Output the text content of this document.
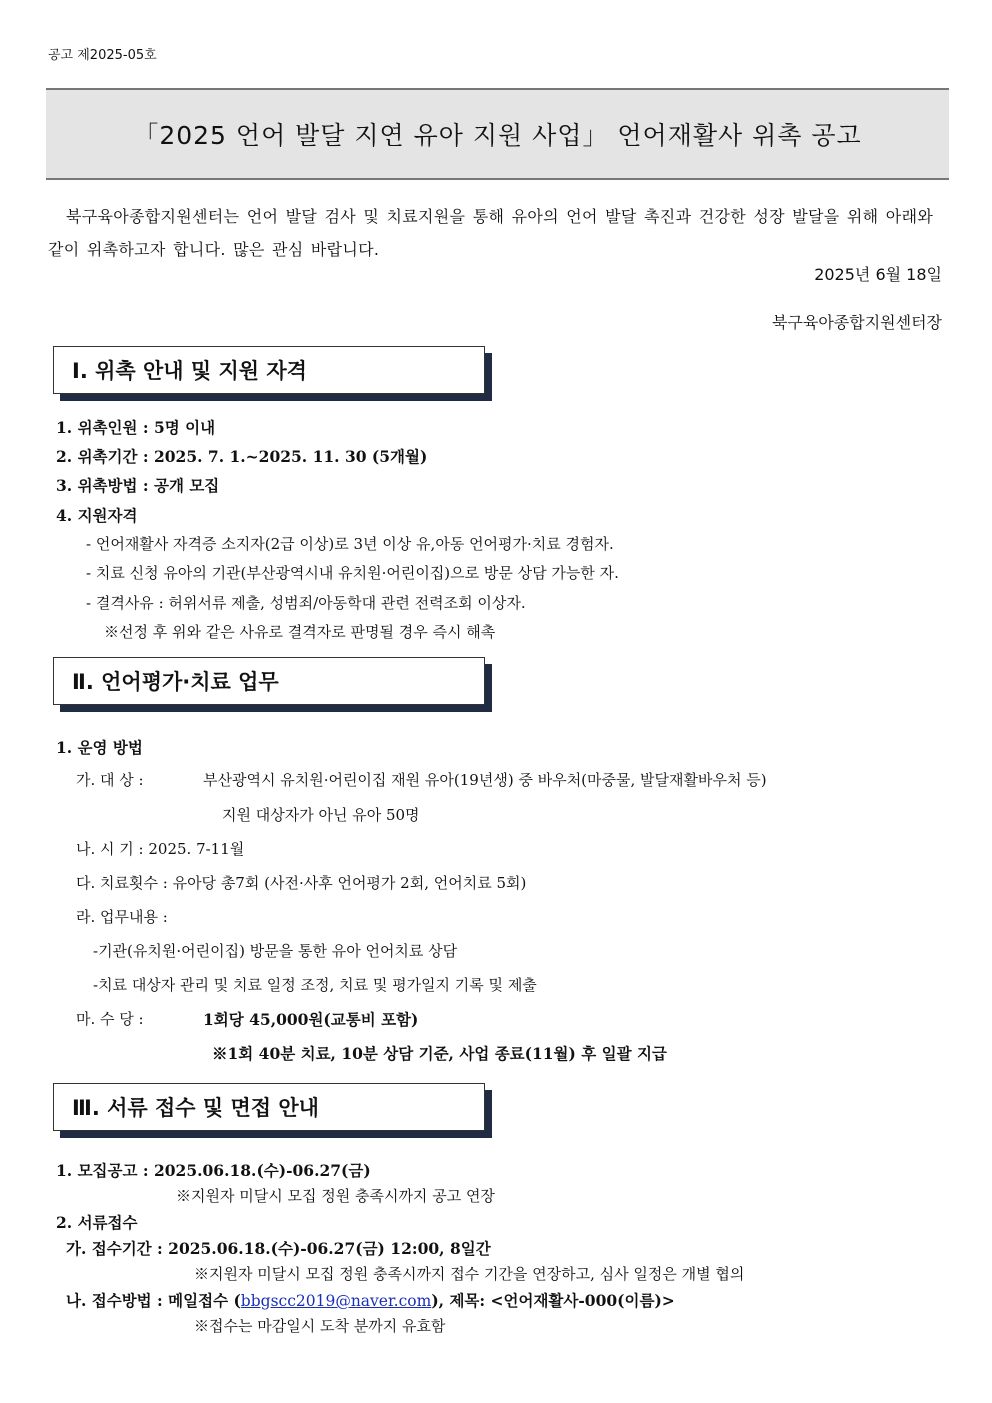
공고 제2025-05호
「2025 언어 발달 지연 유아 지원 사업」 언어재활사 위촉 공고
북구육아종합지원센터는 언어 발달 검사 및 치료지원을 통해 유아의 언어 발달 촉진과 건강한 성장 발달을 위해 아래와 같이 위촉하고자 합니다. 많은 관심 바랍니다.
2025년 6월 18일
북구육아종합지원센터장
Ⅰ. 위촉 안내 및 지원 자격
1. 위촉인원 : 5명 이내
2. 위촉기간 : 2025. 7. 1.~2025. 11. 30 (5개월)
3. 위촉방법 : 공개 모집
4. 지원자격
- 언어재활사 자격증 소지자(2급 이상)로 3년 이상 유,아동 언어평가·치료 경험자.
- 치료 신청 유아의 기관(부산광역시내 유치원·어린이집)으로 방문 상담 가능한 자.
- 결격사유 : 허위서류 제출, 성범죄/아동학대 관련 전력조회 이상자.
※선정 후 위와 같은 사유로 결격자로 판명될 경우 즉시 해촉
Ⅱ. 언어평가·치료 업무
1. 운영 방법
가. 대 상 :	부산광역시 유치원·어린이집 재원 유아(19년생) 중 바우처(마중물, 발달재활바우처 등)
지원 대상자가 아닌 유아 50명
나. 시 기 : 2025. 7-11월
다. 치료횟수 : 유아당 총7회 (사전·사후 언어평가 2회, 언어치료 5회)
라. 업무내용 :
-기관(유치원·어린이집) 방문을 통한 유아 언어치료 상담
-치료 대상자 관리 및 치료 일정 조정, 치료 및 평가일지 기록 및 제출
마. 수 당 :	1회당 45,000원(교통비 포함)
※1회 40분 치료, 10분 상담 기준, 사업 종료(11월) 후 일괄 지급
Ⅲ. 서류 접수 및 면접 안내
1. 모집공고 : 2025.06.18.(수)-06.27(금)
※지원자 미달시 모집 정원 충족시까지 공고 연장
2. 서류접수
가. 접수기간 : 2025.06.18.(수)-06.27(금) 12:00, 8일간
※지원자 미달시 모집 정원 충족시까지 접수 기간을 연장하고, 심사 일정은 개별 협의
나. 접수방법 : 메일접수 (bbgscc2019@naver.com), 제목: <언어재활사-000(이름)>
※접수는 마감일시 도착 분까지 유효함
